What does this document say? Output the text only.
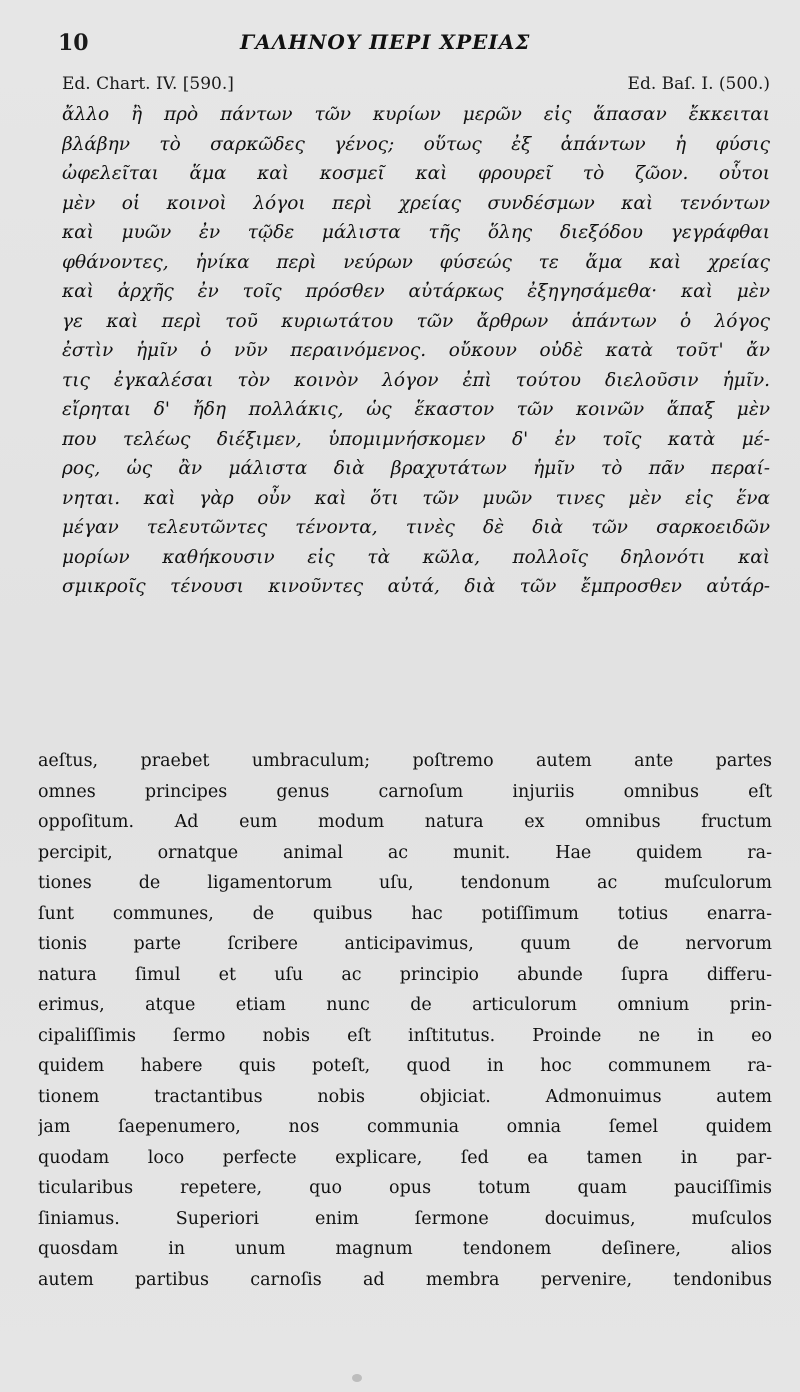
10	ΓΑΛΗΝΟΥ ΠΕΡΙ ΧΡΕΙΑΣ
Ed. Chart. IV. [590.]	Ed. Baſ. I. (500.)
ἄλλο ἢ πρὸ πάντων τῶν κυρίων μερῶν εἰς ἅπασαν ἔκκειται
βλάβην τὸ σαρκῶδες γένος; οὕτως ἐξ ἁπάντων ἡ φύσις
ὠφελεῖται ἅμα καὶ κοσμεῖ καὶ φρουρεῖ τὸ ζῶον. οὗτοι
μὲν οἱ κοινοὶ λόγοι περὶ χρείας συνδέσμων καὶ τενόντων
καὶ μυῶν ἐν τῷδε μάλιστα τῆς ὅλης διεξόδου γεγράφθαι
φθάνοντες, ἡνίκα περὶ νεύρων φύσεώς τε ἅμα καὶ χρείας
καὶ ἀρχῆς ἐν τοῖς πρόσθεν αὐτάρκως ἐξηγησάμεθα· καὶ μὲν
γε καὶ περὶ τοῦ κυριωτάτου τῶν ἄρθρων ἁπάντων ὁ λόγος
ἐστὶν ἡμῖν ὁ νῦν περαινόμενος. οὔκουν οὐδὲ κατὰ τοῦτ' ἄν
τις ἐγκαλέσαι τὸν κοινὸν λόγον ἐπὶ τούτου διελοῦσιν ἡμῖν.
εἴρηται δ' ἤδη πολλάκις, ὡς ἕκαστον τῶν κοινῶν ἅπαξ μὲν
που τελέως διέξιμεν, ὑπομιμνήσκομεν δ' ἐν τοῖς κατὰ μέ-
ρος, ὡς ἂν μάλιστα διὰ βραχυτάτων ἡμῖν τὸ πᾶν περαί-
νηται. καὶ γὰρ οὖν καὶ ὅτι τῶν μυῶν τινες μὲν εἰς ἕνα
μέγαν τελευτῶντες τένοντα, τινὲς δὲ διὰ τῶν σαρκοειδῶν
μορίων καθήκουσιν εἰς τὰ κῶλα, πολλοῖς δηλονότι καὶ
σμικροῖς τένουσι κινοῦντες αὐτά, διὰ τῶν ἔμπροσθεν αὐτάρ-
aeſtus, praebet umbraculum; poſtremo autem ante partes
omnes principes genus carnoſum injuriis omnibus eſt
oppoſitum. Ad eum modum natura ex omnibus fructum
percipit, ornatque animal ac munit. Hae quidem ra-
tiones de ligamentorum uſu, tendonum ac muſculorum
ſunt communes, de quibus hac potiſſimum totius enarra-
tionis parte ſcribere anticipavimus, quum de nervorum
natura ſimul et uſu ac principio abunde ſupra differu-
erimus, atque etiam nunc de articulorum omnium prin-
cipaliſſimis ſermo nobis eſt inſtitutus. Proinde ne in eo
quidem habere quis poteſt, quod in hoc communem ra-
tionem tractantibus nobis objiciat. Admonuimus autem
jam ſaepenumero, nos communia omnia ſemel quidem
quodam loco perfecte explicare, ſed ea tamen in par-
ticularibus repetere, quo opus totum quam pauciſſimis
ſiniamus. Superiori enim ſermone docuimus, muſculos
quosdam in unum magnum tendonem deſinere, alios
autem partibus carnoſis ad membra pervenire, tendonibus
